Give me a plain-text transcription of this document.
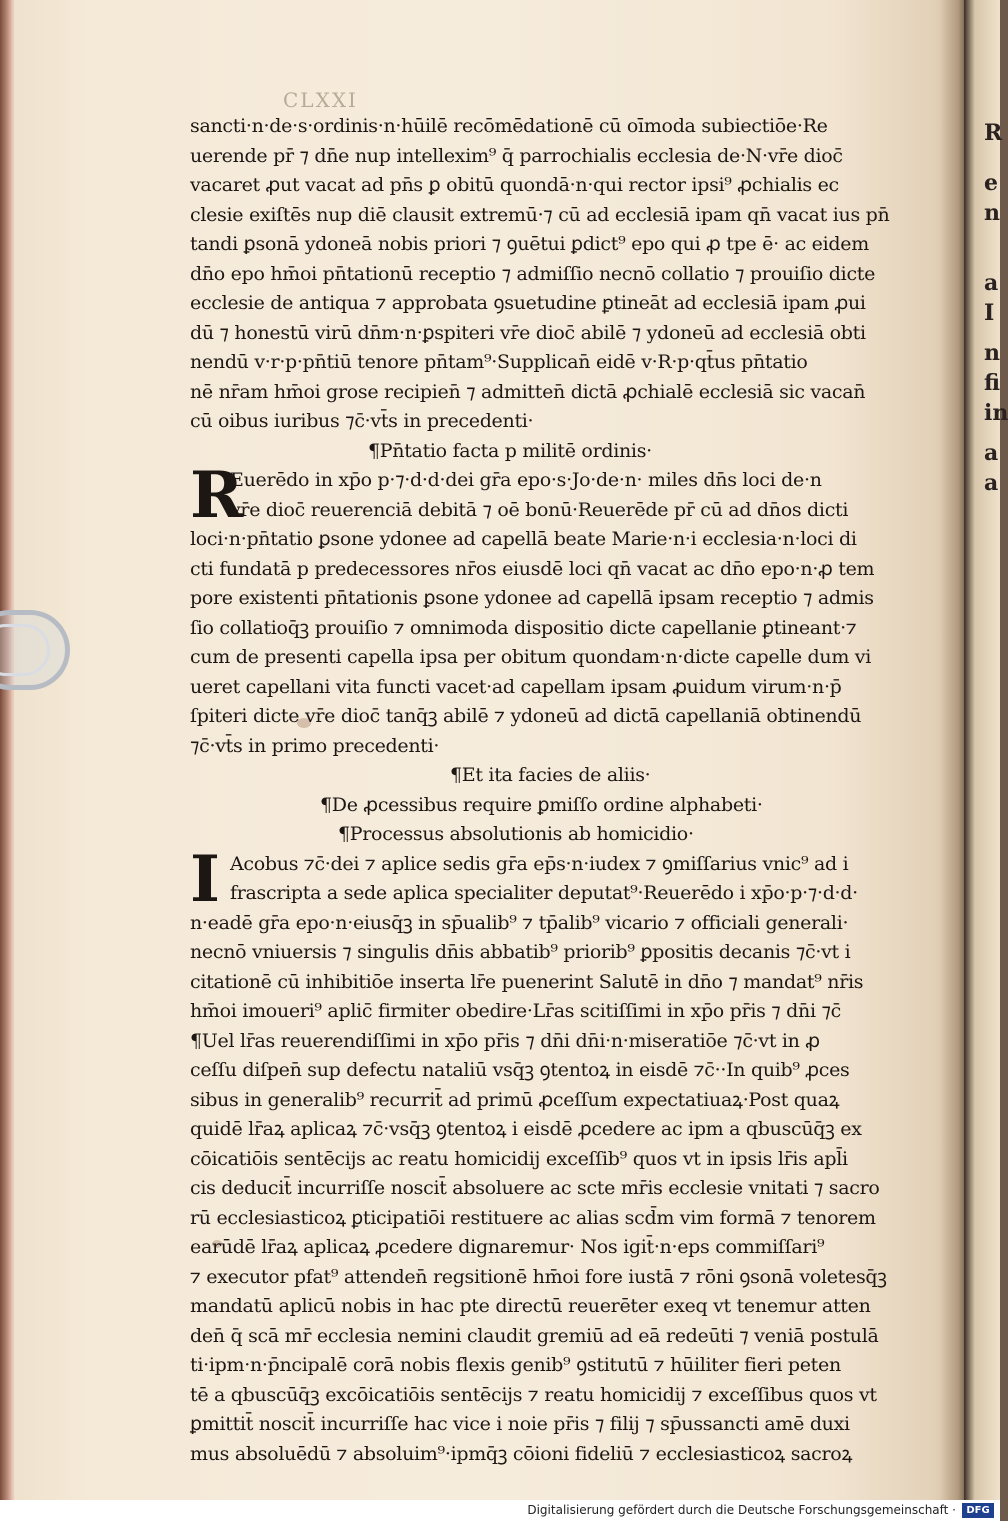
R
e
n
a
I
n
fi
in
a
a
CLXXI
sancti·n·de·s·ordinis·n·hūilē recōmēdationē cū oīmoda subiectiōe·Re
uerende pr̄ ⁊ dn̄e nup intellexim⁹ q̄ parrochialis ecclesia de·N·vr̄e dioc̄
vacaret ꝓut vacat ad pn̄s ꝑ obitū quondā·n·qui rector ipsi⁹ ꝓchialis ec
clesie exiſtēs nup diē clausit extremū·⁊ cū ad ecclesiā ipam qn̄ vacat ius pn̄
tandi ꝑsonā ydoneā nobis priori ⁊ ꝯuētui ꝑdict⁹ epo qui ꝓ tpe ē· ac eidem
dn̄o epo hm̄oi pn̄tationū receptio ⁊ admiſſio necnō collatio ⁊ prouiſio dicte
ecclesie de antiqua ⁊ approbata ꝯsuetudine ꝑtineāt ad ecclesiā ipam ꝓui
dū ⁊ honestū virū dn̄m·n·ꝑspiteri vr̄e dioc̄ abilē ⁊ ydoneū ad ecclesiā obti
nendū v·r·p·pn̄tiū tenore pn̄tam⁹·Supplican̄ eidē v·R·p·qt̄us pn̄tatio
nē nr̄am hm̄oi grose recipien̄ ⁊ admitten̄ dictā ꝓchialē ecclesiā sic vacan̄
cū oibus iuribus ⁊c̄·vt̄s in precedenti·
¶Pn̄tatio facta p militē ordinis·
R
Euerēdo in xp̄o p·⁊·d·d·dei gr̄a epo·s·Jo·de·n· miles dn̄s loci de·n
vr̄e dioc̄ reuerenciā debitā ⁊ oē bonū·Reuerēde pr̄ cū ad dn̄os dicti
loci·n·pn̄tatio ꝑsone ydonee ad capellā beate Marie·n·i ecclesia·n·loci di
cti fundatā p predecessores nr̄os eiusdē loci qn̄ vacat ac dn̄o epo·n·ꝓ tem
pore existenti pn̄tationis ꝑsone ydonee ad capellā ipsam receptio ⁊ admis
ſio collatioq̄ꝫ prouiſio ⁊ omnimoda dispositio dicte capellanie ꝑtineant·⁊
cum de presenti capella ipsa per obitum quondam·n·dicte capelle dum vi
ueret capellani vita functi vacet·ad capellam ipsam ꝓuidum virum·n·p̄
ſpiteri dicte vr̄e dioc̄ tanq̄ꝫ abilē ⁊ ydoneū ad dictā capellaniā obtinendū
⁊c̄·vt̄s in primo precedenti·
¶Et ita facies de aliis·
¶De ꝓcessibus require ꝑmiſſo ordine alphabeti·
¶Processus absolutionis ab homicidio·
I Acobus ⁊c̄·dei ⁊ aplice sedis gr̄a ep̄s·n·iudex ⁊ ꝯmiſſarius vnic⁹ ad i
frascripta a sede aplica specialiter deputat⁹·Reuerēdo i xp̄o·p·⁊·d·d·
n·eadē gr̄a epo·n·eiusq̄ꝫ in sp̄ualib⁹ ⁊ tp̄alib⁹ vicario ⁊ officiali generali·
necnō vniuersis ⁊ singulis dn̄is abbatib⁹ priorib⁹ ꝑpositis decanis ⁊c̄·vt i
citationē cū inhibitiōe inserta lr̄e puenerint Salutē in dn̄o ⁊ mandat⁹ nr̄is
hm̄oi imoueri⁹ aplic̄ firmiter obedire·Lr̄as scitiſſimi in xp̄o pr̄is ⁊ dn̄i ⁊c̄
¶Uel lr̄as reuerendiſſimi in xp̄o pr̄is ⁊ dn̄i dn̄i·n·miseratiōe ⁊c̄·vt in ꝓ
ceſſu diſpen̄ sup defectu nataliū vsq̄ꝫ ꝯtentoꝝ in eisdē ⁊c̄··In quib⁹ ꝓces
sibus in generalib⁹ recurrit̄ ad primū ꝓceſſum expectatiuaꝝ·Post quaꝝ
quidē lr̄aꝝ aplicaꝝ ⁊c̄·vsq̄ꝫ ꝯtentoꝝ i eisdē ꝓcedere ac ipm a qbuscūq̄ꝫ ex
cōicatiōis sentēcijs ac reatu homicidij exceſſib⁹ quos vt in ipsis lr̄is apl̄i
cis deducit̄ incurriſſe noscit̄ absoluere ac scte mr̄is ecclesie vnitati ⁊ sacro
rū ecclesiasticoꝝ ꝑticipatiōi restituere ac alias scd̄m vim formā ⁊ tenorem
earūdē lr̄aꝝ aplicaꝝ ꝓcedere dignaremur· Nos igit̄·n·eps commiſſari⁹
⁊ executor pfat⁹ attenden̄ regsitionē hm̄oi fore iustā ⁊ rōni ꝯsonā voletesq̄ꝫ
mandatū aplicū nobis in hac pte directū reuerēter exeq vt tenemur atten
den̄ q̄ scā mr̄ ecclesia nemini claudit gremiū ad eā redeūti ⁊ veniā postulā
ti·ipm·n·p̄ncipalē corā nobis flexis genib⁹ ꝯstitutū ⁊ hūiliter fieri peten
tē a qbuscūq̄ꝫ excōicatiōis sentēcijs ⁊ reatu homicidij ⁊ exceſſibus quos vt
ꝑmittit̄ noscit̄ incurriſſe hac vice i noie pr̄is ⁊ filij ⁊ sp̄ussancti amē duxi
mus absoluēdū ⁊ absoluim⁹·ipmq̄ꝫ cōioni fideliū ⁊ ecclesiasticoꝝ sacroꝝ
Digitalisierung gefördert durch die Deutsche Forschungsgemeinschaft ·	DFG
